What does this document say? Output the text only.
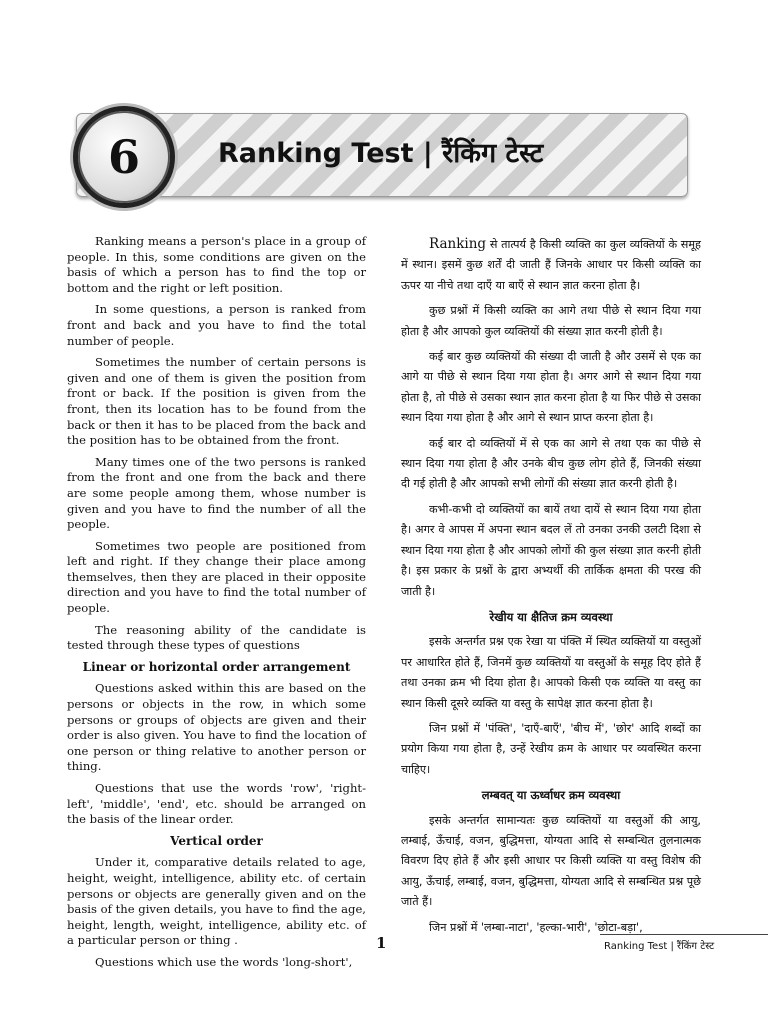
6	Ranking Test | रैंकिंग टेस्ट

Ranking means a person's place in a group of people. In this, some conditions are given on the basis of which a person has to find the top or bottom and the right or left position.

In some questions, a person is ranked from front and back and you have to find the total number of people.

Sometimes the number of certain persons is given and one of them is given the position from front or back. If the position is given from the front, then its location has to be found from the back or then it has to be placed from the back and the position has to be obtained from the front.

Many times one of the two persons is ranked from the front and one from the back and there are some people among them, whose number is given and you have to find the number of all the people.

Sometimes two people are positioned from left and right. If they change their place among themselves, then they are placed in their opposite direction and you have to find the total number of people.

The reasoning ability of the candidate is tested through these types of questions

Linear or horizontal order arrangement

Questions asked within this are based on the persons or objects in the row, in which some persons or groups of objects are given and their order is also given. You have to find the location of one person or thing relative to another person or thing.

Questions that use the words 'row', 'right-left', 'middle', 'end', etc. should be arranged on the basis of the linear order.

Vertical order

Under it, comparative details related to age, height, weight, intelligence, ability etc. of certain persons or objects are generally given and on the basis of the given details, you have to find the age, height, length, weight, intelligence, ability etc. of a particular person or thing .

Questions which use the words 'long-short',

Ranking से तात्पर्य है किसी व्यक्ति का कुल व्यक्तियों के समूह में स्थान। इसमें कुछ शर्तें दी जाती हैं जिनके आधार पर किसी व्यक्ति का ऊपर या नीचे तथा दाएँ या बाएँ से स्थान ज्ञात करना होता है।

कुछ प्रश्नों में किसी व्यक्ति का आगे तथा पीछे से स्थान दिया गया होता है और आपको कुल व्यक्तियों की संख्या ज्ञात करनी होती है।

कई बार कुछ व्यक्तियों की संख्या दी जाती है और उसमें से एक का आगे या पीछे से स्थान दिया गया होता है। अगर आगे से स्थान दिया गया होता है, तो पीछे से उसका स्थान ज्ञात करना होता है या फिर पीछे से उसका स्थान दिया गया होता है और आगे से स्थान प्राप्त करना होता है।

कई बार दो व्यक्तियों में से एक का आगे से तथा एक का पीछे से स्थान दिया गया होता है और उनके बीच कुछ लोग होते हैं, जिनकी संख्या दी गई होती है और आपको सभी लोगों की संख्या ज्ञात करनी होती है।

कभी-कभी दो व्यक्तियों का बायें तथा दायें से स्थान दिया गया होता है। अगर वे आपस में अपना स्थान बदल लें तो उनका उनकी उलटी दिशा से स्थान दिया गया होता है और आपको लोगों की कुल संख्या ज्ञात करनी होती है। इस प्रकार के प्रश्नों के द्वारा अभ्यर्थी की तार्किक क्षमता की परख की जाती है।

रेखीय या क्षैतिज क्रम व्यवस्था

इसके अन्तर्गत प्रश्न एक रेखा या पंक्ति में स्थित व्यक्तियों या वस्तुओं पर आधारित होते हैं, जिनमें कुछ व्यक्तियों या वस्तुओं के समूह दिए होते हैं तथा उनका क्रम भी दिया होता है। आपको किसी एक व्यक्ति या वस्तु का स्थान किसी दूसरे व्यक्ति या वस्तु के सापेक्ष ज्ञात करना होता है।

जिन प्रश्नों में 'पंक्ति', 'दाएँ-बाएँ', 'बीच में', 'छोर' आदि शब्दों का प्रयोग किया गया होता है, उन्हें रेखीय क्रम के आधार पर व्यवस्थित करना चाहिए।

लम्बवत् या ऊर्ध्वाधर क्रम व्यवस्था

इसके अन्तर्गत सामान्यतः कुछ व्यक्तियों या वस्तुओं की आयु, लम्बाई, ऊँचाई, वजन, बुद्धिमत्ता, योग्यता आदि से सम्बन्धित तुलनात्मक विवरण दिए होते हैं और इसी आधार पर किसी व्यक्ति या वस्तु विशेष की आयु, ऊँचाई, लम्बाई, वजन, बुद्धिमत्ता, योग्यता आदि से सम्बन्धित प्रश्न पूछे जाते हैं।

जिन प्रश्नों में 'लम्बा-नाटा', 'हल्का-भारी', 'छोटा-बड़ा',

1	Ranking Test | रैंकिंग टेस्ट
